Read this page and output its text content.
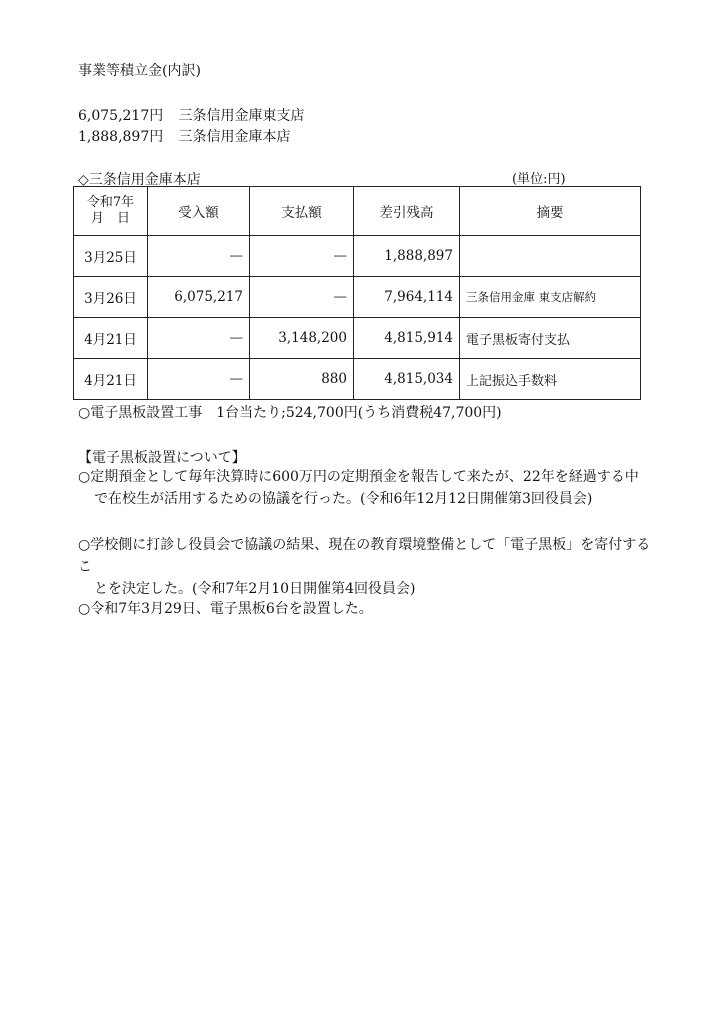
事業等積立金(内訳)
6,075,217円 三条信用金庫東支店
1,888,897円 三条信用金庫本店
◇三条信用金庫本店	(単位:円)
令和7年
月　日	受入額	支払額	差引残高	摘要
3月25日	—	—	1,888,897	
3月26日	6,075,217	—	7,964,114	三条信用金庫 東支店解約
4月21日	—	3,148,200	4,815,914	電子黒板寄付支払
4月21日	—	880	4,815,034	上記振込手数料
○電子黒板設置工事　1台当たり;524,700円(うち消費税47,700円)
【電子黒板設置について】
○定期預金として毎年決算時に600万円の定期預金を報告して来たが、22年を経過する中
で在校生が活用するための協議を行った。(令和6年12月12日開催第3回役員会)
○学校側に打診し役員会で協議の結果、現在の教育環境整備として「電子黒板」を寄付するこ
とを決定した。(令和7年2月10日開催第4回役員会)
○令和7年3月29日、電子黒板6台を設置した。
